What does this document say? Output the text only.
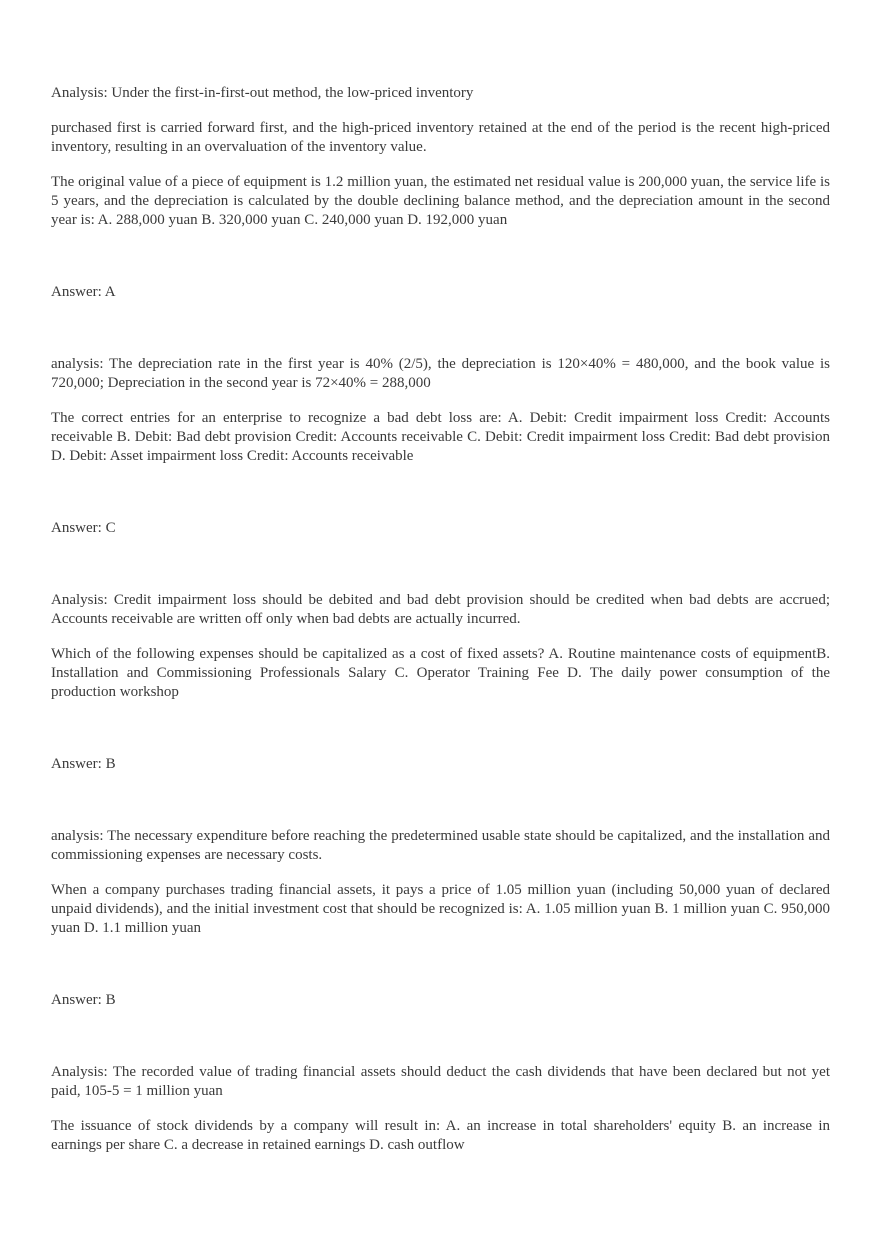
Analysis: Under the first-in-first-out method, the low-priced inventory

purchased first is carried forward first, and the high-priced inventory retained at the end of the period is the recent high-priced inventory, resulting in an overvaluation of the inventory value.

The original value of a piece of equipment is 1.2 million yuan, the estimated net residual value is 200,000 yuan, the service life is 5 years, and the depreciation is calculated by the double declining balance method, and the depreciation amount in the second year is: A. 288,000 yuan B. 320,000 yuan C. 240,000 yuan D. 192,000 yuan

Answer: A

analysis: The depreciation rate in the first year is 40% (2/5), the depreciation is 120×40% = 480,000, and the book value is 720,000; Depreciation in the second year is 72×40% = 288,000

The correct entries for an enterprise to recognize a bad debt loss are: A. Debit: Credit impairment loss Credit: Accounts receivable B. Debit: Bad debt provision Credit: Accounts receivable C. Debit: Credit impairment loss Credit: Bad debt provision D. Debit: Asset impairment loss Credit: Accounts receivable

Answer: C

Analysis: Credit impairment loss should be debited and bad debt provision should be credited when bad debts are accrued; Accounts receivable are written off only when bad debts are actually incurred.

Which of the following expenses should be capitalized as a cost of fixed assets? A. Routine maintenance costs of equipmentB. Installation and Commissioning Professionals Salary C. Operator Training Fee D. The daily power consumption of the production workshop

Answer: B

analysis: The necessary expenditure before reaching the predetermined usable state should be capitalized, and the installation and commissioning expenses are necessary costs.

When a company purchases trading financial assets, it pays a price of 1.05 million yuan (including 50,000 yuan of declared unpaid dividends), and the initial investment cost that should be recognized is: A. 1.05 million yuan B. 1 million yuan C. 950,000 yuan D. 1.1 million yuan

Answer: B

Analysis: The recorded value of trading financial assets should deduct the cash dividends that have been declared but not yet paid, 105-5 = 1 million yuan

The issuance of stock dividends by a company will result in: A. an increase in total shareholders' equity B. an increase in earnings per share C. a decrease in retained earnings D. cash outflow
